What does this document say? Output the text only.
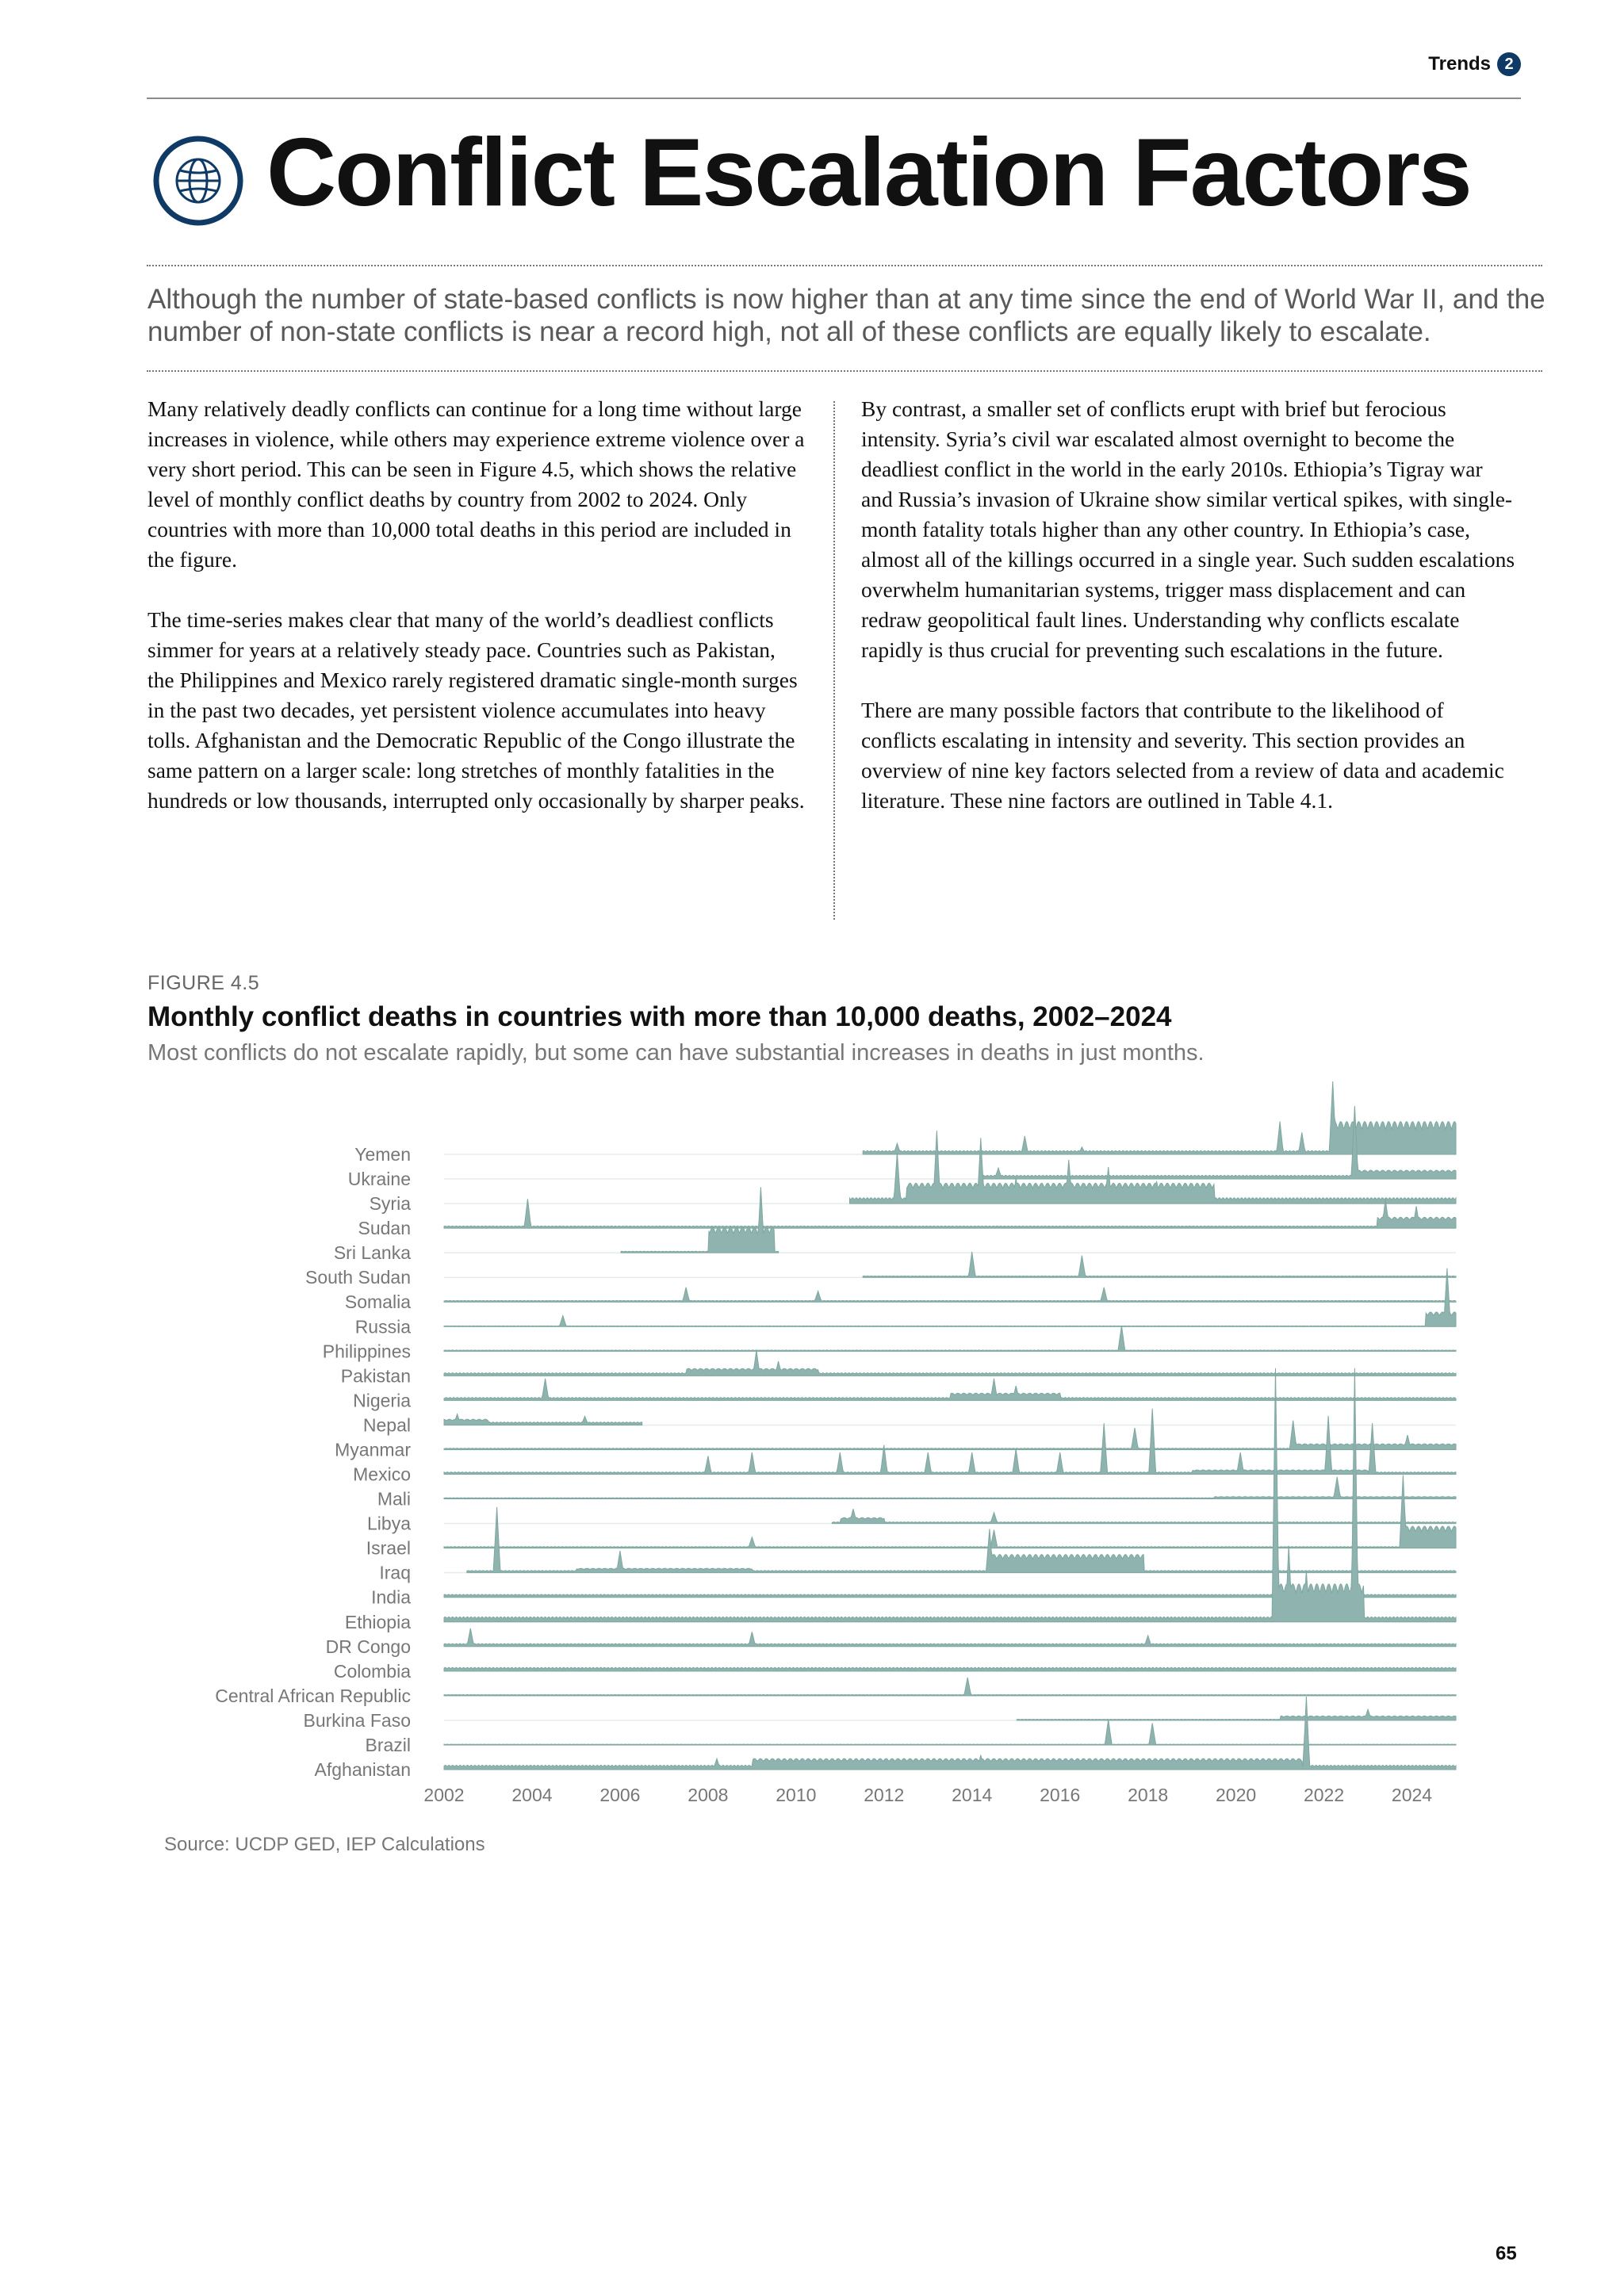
Trends 2
Conflict Escalation Factors

Although the number of state-based conflicts is now higher than at any time since the end of World War II, and the number of non-state conflicts is near a record high, not all of these conflicts are equally likely to escalate.

Many relatively deadly conflicts can continue for a long time without large increases in violence, while others may experience extreme violence over a very short period. This can be seen in Figure 4.5, which shows the relative level of monthly conflict deaths by country from 2002 to 2024. Only countries with more than 10,000 total deaths in this period are included in the figure.

The time-series makes clear that many of the world’s deadliest conflicts simmer for years at a relatively steady pace. Countries such as Pakistan, the Philippines and Mexico rarely registered dramatic single-month surges in the past two decades, yet persistent violence accumulates into heavy tolls. Afghanistan and the Democratic Republic of the Congo illustrate the same pattern on a larger scale: long stretches of monthly fatalities in the hundreds or low thousands, interrupted only occasionally by sharper peaks.

By contrast, a smaller set of conflicts erupt with brief but ferocious intensity. Syria’s civil war escalated almost overnight to become the deadliest conflict in the world in the early 2010s. Ethiopia’s Tigray war and Russia’s invasion of Ukraine show similar vertical spikes, with single-month fatality totals higher than any other country. In Ethiopia’s case, almost all of the killings occurred in a single year. Such sudden escalations overwhelm humanitarian systems, trigger mass displacement and can redraw geopolitical fault lines. Understanding why conflicts escalate rapidly is thus crucial for preventing such escalations in the future.

There are many possible factors that contribute to the likelihood of conflicts escalating in intensity and severity. This section provides an overview of nine key factors selected from a review of data and academic literature. These nine factors are outlined in Table 4.1.

FIGURE 4.5
Monthly conflict deaths in countries with more than 10,000 deaths, 2002–2024

Most conflicts do not escalate rapidly, but some can have substantial increases in deaths in just months.

2002	2004	2006	2008	2010	2012	2014	2016	2018	2020	2022	2024
Yemen
Ukraine
Syria
Sudan
Sri Lanka
South Sudan
Somalia
Russia
Philippines
Pakistan
Nigeria
Nepal
Myanmar
Mexico
Mali
Libya
Israel
Iraq
India
Ethiopia
DR Congo
Colombia
Central African Republic
Burkina Faso
Brazil
Afghanistan
Source: UCDP GED, IEP Calculations
65
